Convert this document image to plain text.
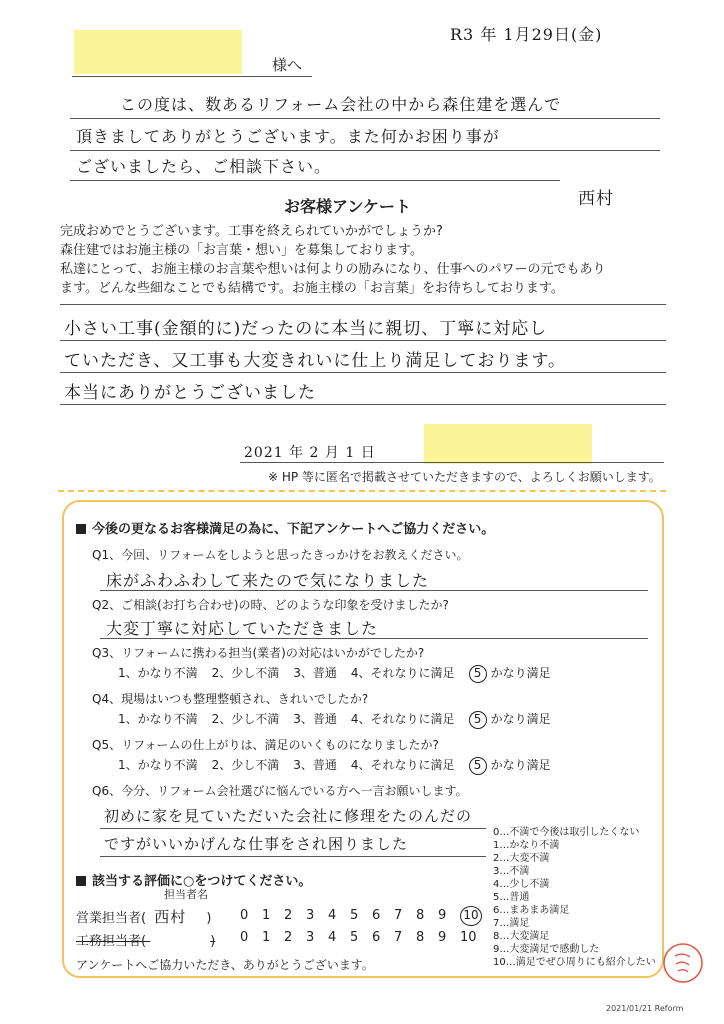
R3 年 1月29日(金)
様へ
この度は、数あるリフォーム会社の中から森住建を選んで
頂きましてありがとうございます。また何かお困り事が
ございましたら、ご相談下さい。
西村
お客様アンケート
完成おめでとうございます。工事を終えられていかがでしょうか?
森住建ではお施主様の「お言葉・想い」を募集しております。
私達にとって、お施主様のお言葉や想いは何よりの励みになり、仕事へのパワーの元でもあり
ます。どんな些細なことでも結構です。お施主様の「お言葉」をお待ちしております。
小さい工事(金額的に)だったのに本当に親切、丁寧に対応し
ていただき、又工事も大変きれいに仕上り満足しております。
本当にありがとうございました
2021 年 2 月 1 日
※ HP 等に匿名で掲載させていただきますので、よろしくお願いします。
今後の更なるお客様満足の為に、下記アンケートへご協力ください。
Q1、今回、リフォームをしようと思ったきっかけをお教えください。
床がふわふわして来たので気になりました
Q2、ご相談(お打ち合わせ)の時、どのような印象を受けましたか?
大変丁寧に対応していただきました
Q3、リフォームに携わる担当(業者)の対応はいかがでしたか?
1、かなり不満 2、少し不満 3、普通 4、それなりに満足 5 かなり満足
Q4、現場はいつも整理整頓され、きれいでしたか?
1、かなり不満 2、少し不満 3、普通 4、それなりに満足 5 かなり満足
Q5、リフォームの仕上がりは、満足のいくものになりましたか?
1、かなり不満 2、少し不満 3、普通 4、それなりに満足 5 かなり満足
Q6、今分、リフォーム会社選びに悩んでいる方へ一言お願いします。
初めに家を見ていただいた会社に修理をたのんだのですがいいかげんな仕事をされ困りました
該当する評価に○をつけてください。
担当者名
営業担当者( 西村 ) 0 1 2 3 4 5 6 7 8 9 10
工務担当者(	) 0 1 2 3 4 5 6 7 8 9 10
アンケートへご協力いただき、ありがとうございます。
0…不満で今後は取引したくない
1…かなり不満
2…大変不満
3…不満
4…少し不満
5…普通
6…まあまあ満足
7…満足
8…大変満足
9…大変満足で感動した
10…満足でぜひ周りにも紹介したい
2021/01/21 Reform
